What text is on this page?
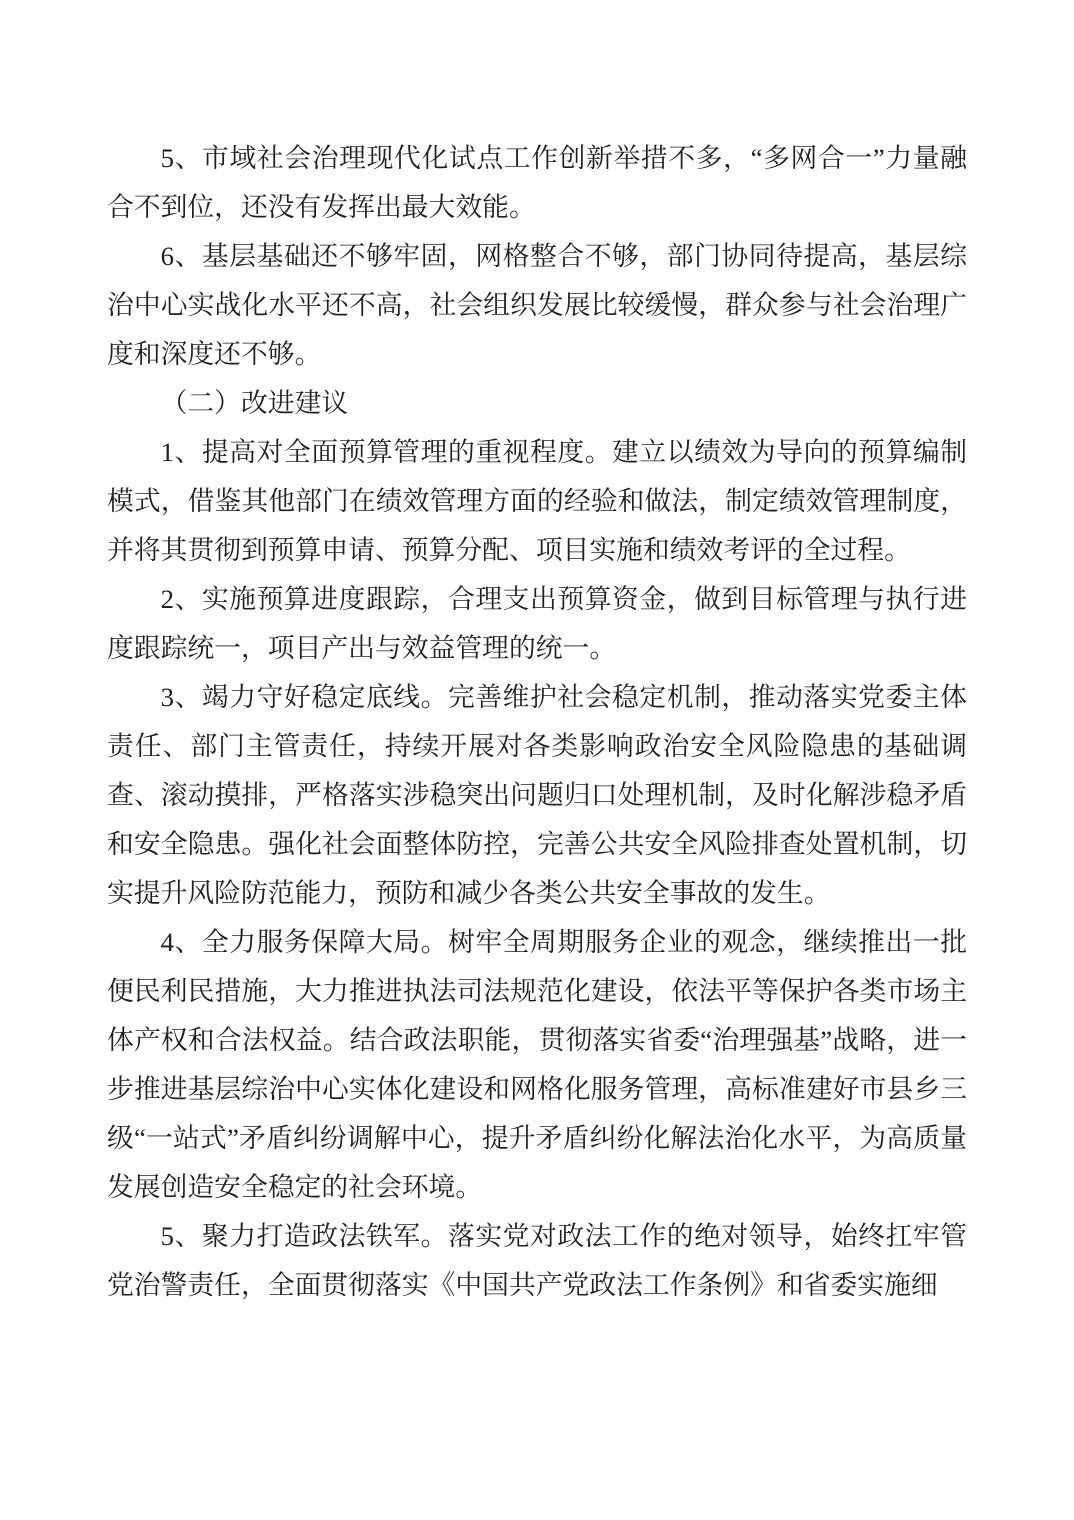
5、市域社会治理现代化试点工作创新举措不多，“多网合一”力量融合不到位，还没有发挥出最大效能。

6、基层基础还不够牢固，网格整合不够，部门协同待提高，基层综治中心实战化水平还不高，社会组织发展比较缓慢，群众参与社会治理广度和深度还不够。

（二）改进建议

1、提高对全面预算管理的重视程度。建立以绩效为导向的预算编制模式，借鉴其他部门在绩效管理方面的经验和做法，制定绩效管理制度，并将其贯彻到预算申请、预算分配、项目实施和绩效考评的全过程。

2、实施预算进度跟踪，合理支出预算资金，做到目标管理与执行进度跟踪统一，项目产出与效益管理的统一。

3、竭力守好稳定底线。完善维护社会稳定机制，推动落实党委主体责任、部门主管责任，持续开展对各类影响政治安全风险隐患的基础调查、滚动摸排，严格落实涉稳突出问题归口处理机制，及时化解涉稳矛盾和安全隐患。强化社会面整体防控，完善公共安全风险排查处置机制，切实提升风险防范能力，预防和减少各类公共安全事故的发生。

4、全力服务保障大局。树牢全周期服务企业的观念，继续推出一批便民利民措施，大力推进执法司法规范化建设，依法平等保护各类市场主体产权和合法权益。结合政法职能，贯彻落实省委“治理强基”战略，进一步推进基层综治中心实体化建设和网格化服务管理，高标准建好市县乡三级“一站式”矛盾纠纷调解中心，提升矛盾纠纷化解法治化水平，为高质量发展创造安全稳定的社会环境。

5、聚力打造政法铁军。落实党对政法工作的绝对领导，始终扛牢管党治警责任，全面贯彻落实《中国共产党政法工作条例》和省委实施细
